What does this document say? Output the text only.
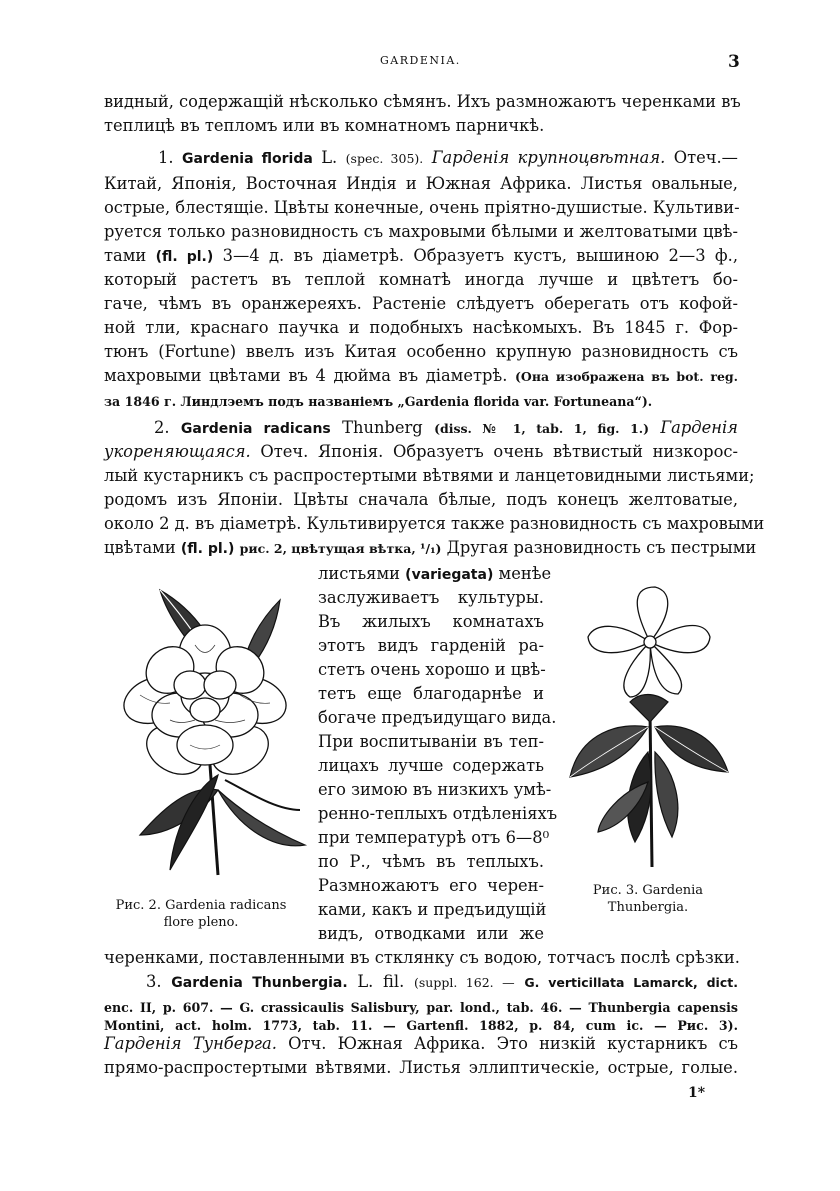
GARDENIA.	3
видный, содержащій нѣсколько сѣмянъ. Ихъ размножаютъ черенками въ
теплицѣ въ тепломъ или въ комнатномъ парничкѣ.
1. Gardenia florida L. (spec. 305). Гарденія крупноцвѣтная. Отеч.—
Китай, Японія, Восточная Индія и Южная Африка. Листья овальные,
острые, блестящіе. Цвѣты конечные, очень пріятно-душистые. Культиви-
руется только разновидность съ махровыми бѣлыми и желтоватыми цвѣ-
тами (fl. pl.) 3—4 д. въ діаметрѣ. Образуетъ кустъ, вышиною 2—3 ф.,
который растетъ въ теплой комнатѣ иногда лучше и цвѣтетъ бо-
гаче, чѣмъ въ оранжереяхъ. Растеніе слѣдуетъ оберегать отъ кофой-
ной тли, краснаго паучка и подобныхъ насѣкомыхъ. Въ 1845 г. Фор-
тюнъ (Fortune) ввелъ изъ Китая особенно крупную разновидность съ
махровыми цвѣтами въ 4 дюйма въ діаметрѣ. (Она изображена въ bot. reg.
за 1846 г. Линдлэемъ подъ названіемъ „Gardenia florida var. Fortuneana“).
2. Gardenia radicans Thunberg (diss. № 1, tab. 1, fig. 1.) Гарденія
укореняющаяся. Отеч. Японія. Образуетъ очень вѣтвистый низкорос-
лый кустарникъ съ распростертыми вѣтвями и ланцетовидными листьями;
родомъ изъ Японіи. Цвѣты сначала бѣлые, подъ конецъ желтоватые,
около 2 д. въ діаметрѣ. Культивируется также разновидность съ махровыми
цвѣтами (fl. pl.) рис. 2, цвѣтущая вѣтка, ¹/₁) Другая разновидность съ пестрыми
листьями (variegata) менѣе
заслуживаетъ культуры.
Въ жилыхъ комнатахъ
этотъ видъ гарденій ра-
стетъ очень хорошо и цвѣ-
тетъ еще благодарнѣе и
богаче предъидущаго вида.
При воспитываніи въ теп-
лицахъ лучше содержать
его зимою въ низкихъ умѣ-
ренно-теплыхъ отдѣленіяхъ
при температурѣ отъ 6—8⁰
по Р., чѣмъ въ теплыхъ.
Размножаютъ его черен-
ками, какъ и предъидущій
видъ, отводками или же
черенками, поставленными въ стклянку съ водою, тотчасъ послѣ срѣзки.
Рис. 2. Gardenia radicans
flore pleno.
Рис. 3. Gardenia
Thunbergia.
3. Gardenia Thunbergia. L. fil. (suppl. 162. — G. verticillata Lamarck, dict.
enc. II, p. 607. — G. crassicaulis Salisbury, par. lond., tab. 46. — Thunbergia capensis
Montini, act. holm. 1773, tab. 11. — Gartenfl. 1882, p. 84, cum ic. — Рис. 3).
Гарденія Тунберга. Отч. Южная Африка. Это низкій кустарникъ съ
прямо-распростертыми вѣтвями. Листья эллиптическіе, острые, голые.
1*
